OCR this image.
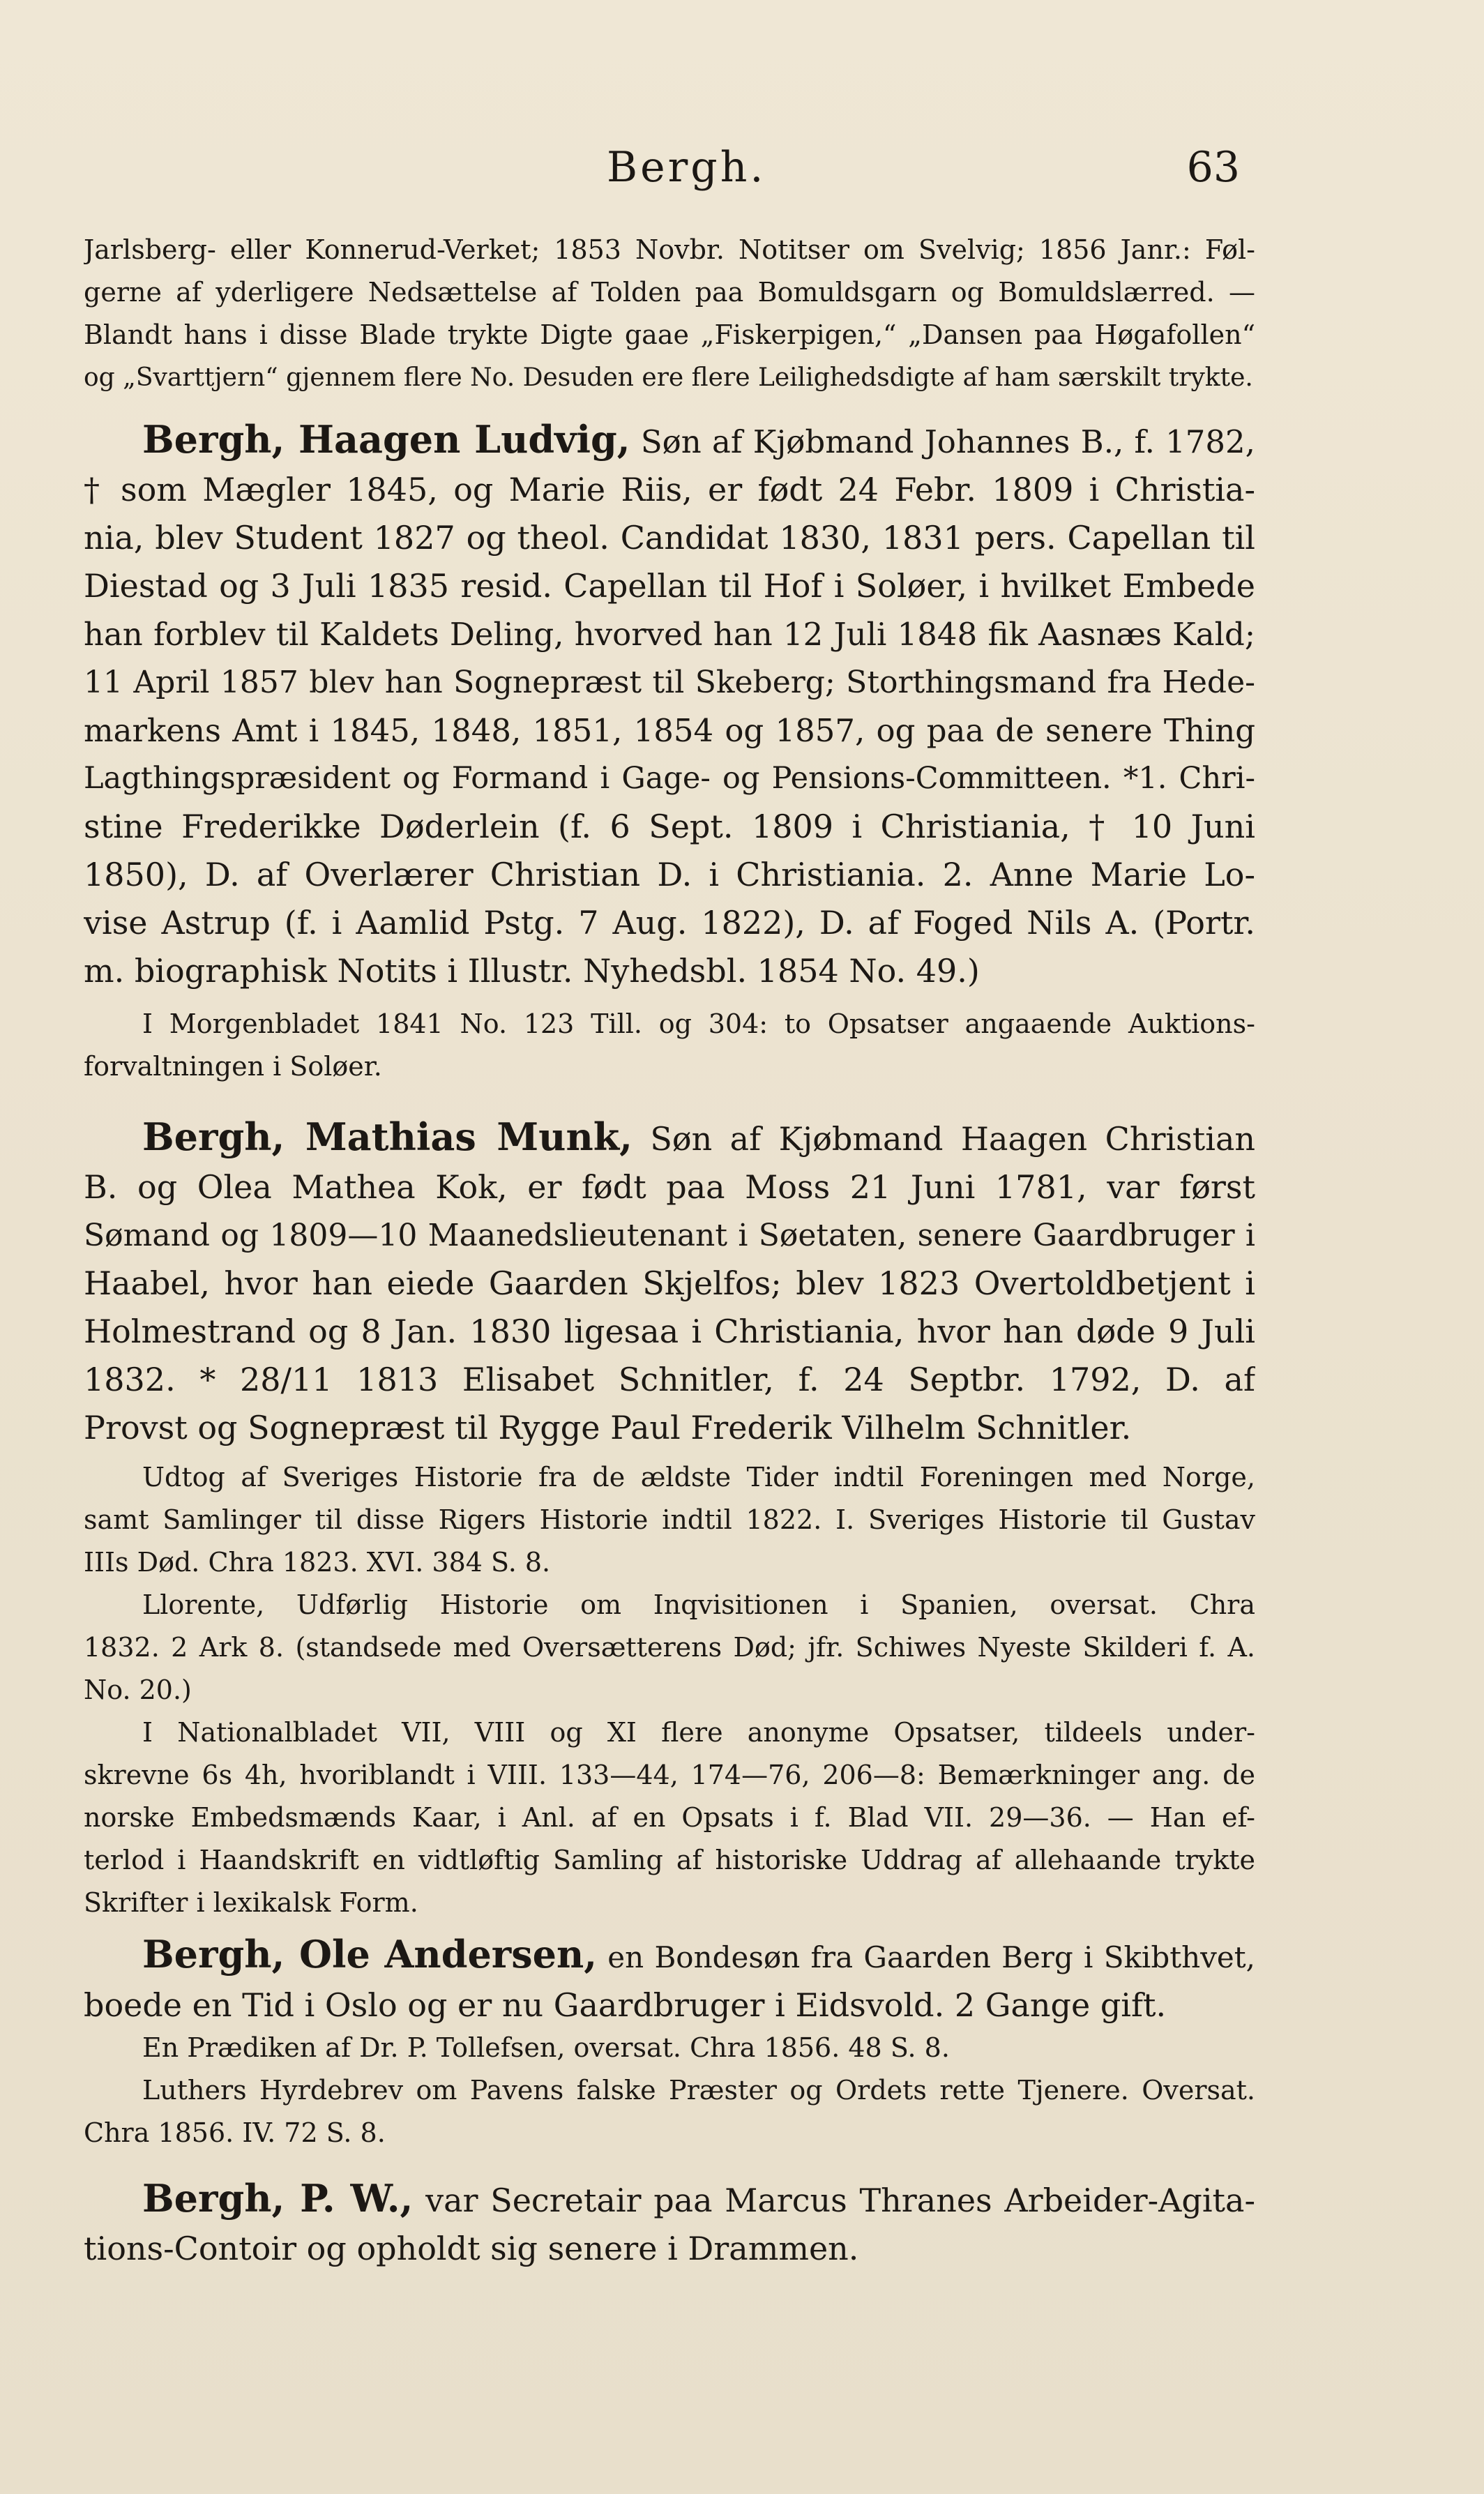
Bergh.	63
Jarlsberg- eller Konnerud-Verket; 1853 Novbr. Notitser om Svelvig; 1856 Janr.: Føl-
gerne af yderligere Nedsættelse af Tolden paa Bomuldsgarn og Bomuldslærred. —
Blandt hans i disse Blade trykte Digte gaae „Fiskerpigen,“ „Dansen paa Høgafollen“
og „Svarttjern“ gjennem flere No. Desuden ere flere Leilighedsdigte af ham særskilt trykte.
Bergh, Haagen Ludvig, Søn af Kjøbmand Johannes B., f. 1782,
† som Mægler 1845, og Marie Riis, er født 24 Febr. 1809 i Christia-
nia, blev Student 1827 og theol. Candidat 1830, 1831 pers. Capellan til
Diestad og 3 Juli 1835 resid. Capellan til Hof i Soløer, i hvilket Embede
han forblev til Kaldets Deling, hvorved han 12 Juli 1848 fik Aasnæs Kald;
11 April 1857 blev han Sognepræst til Skeberg; Storthingsmand fra Hede-
markens Amt i 1845, 1848, 1851, 1854 og 1857, og paa de senere Thing
Lagthingspræsident og Formand i Gage- og Pensions-Committeen. *1. Chri-
stine Frederikke Døderlein (f. 6 Sept. 1809 i Christiania, † 10 Juni
1850), D. af Overlærer Christian D. i Christiania. 2. Anne Marie Lo-
vise Astrup (f. i Aamlid Pstg. 7 Aug. 1822), D. af Foged Nils A. (Portr.
m. biographisk Notits i Illustr. Nyhedsbl. 1854 No. 49.)
I Morgenbladet 1841 No. 123 Till. og 304: to Opsatser angaaende Auktions-
forvaltningen i Soløer.
Bergh, Mathias Munk, Søn af Kjøbmand Haagen Christian
B. og Olea Mathea Kok, er født paa Moss 21 Juni 1781, var først
Sømand og 1809—10 Maanedslieutenant i Søetaten, senere Gaardbruger i
Haabel, hvor han eiede Gaarden Skjelfos; blev 1823 Overtoldbetjent i
Holmestrand og 8 Jan. 1830 ligesaa i Christiania, hvor han døde 9 Juli
1832. * 28/11 1813 Elisabet Schnitler, f. 24 Septbr. 1792, D. af
Provst og Sognepræst til Rygge Paul Frederik Vilhelm Schnitler.
Udtog af Sveriges Historie fra de ældste Tider indtil Foreningen med Norge,
samt Samlinger til disse Rigers Historie indtil 1822. I. Sveriges Historie til Gustav
IIIs Død. Chra 1823. XVI. 384 S. 8.
Llorente, Udførlig Historie om Inqvisitionen i Spanien, oversat. Chra
1832. 2 Ark 8. (standsede med Oversætterens Død; jfr. Schiwes Nyeste Skilderi f. A.
No. 20.)
I Nationalbladet VII, VIII og XI flere anonyme Opsatser, tildeels under-
skrevne 6s 4h, hvoriblandt i VIII. 133—44, 174—76, 206—8: Bemærkninger ang. de
norske Embedsmænds Kaar, i Anl. af en Opsats i f. Blad VII. 29—36. — Han ef-
terlod i Haandskrift en vidtløftig Samling af historiske Uddrag af allehaande trykte
Skrifter i lexikalsk Form.
Bergh, Ole Andersen, en Bondesøn fra Gaarden Berg i Skibthvet,
boede en Tid i Oslo og er nu Gaardbruger i Eidsvold. 2 Gange gift.
En Prædiken af Dr. P. Tollefsen, oversat. Chra 1856. 48 S. 8.
Luthers Hyrdebrev om Pavens falske Præster og Ordets rette Tjenere. Oversat.
Chra 1856. IV. 72 S. 8.
Bergh, P. W., var Secretair paa Marcus Thranes Arbeider-Agita-
tions-Contoir og opholdt sig senere i Drammen.
